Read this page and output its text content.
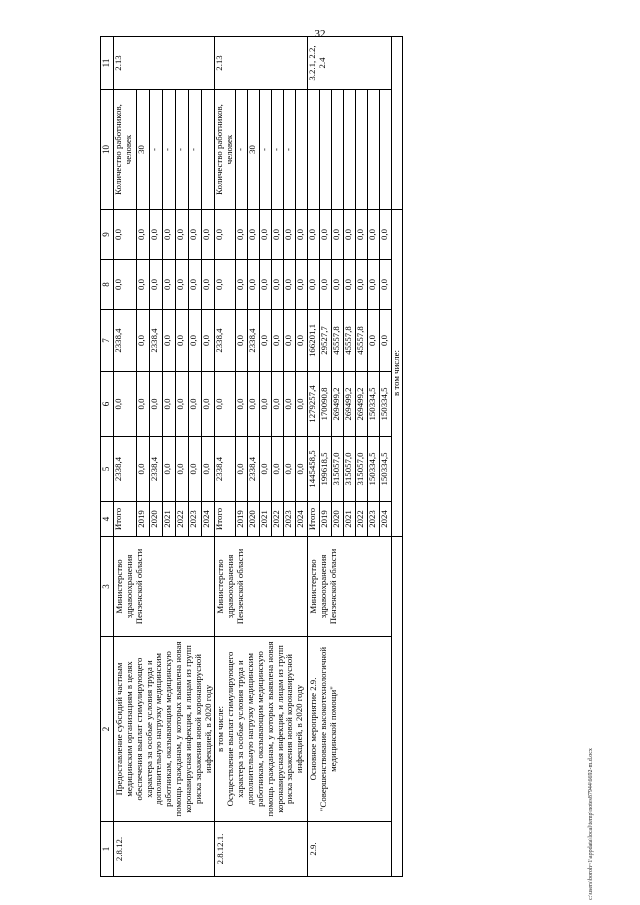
32
1	2	3	4	5	6	7	8	9	10	11
2.8.12.	Предоставление субсидий частным медицинским организациям в целях обеспечения выплат стимулирующего характера за особые условия труда и дополнительную нагрузку медицинским работникам, оказывающим медицинскую помощь гражданам, у которых выявлена новая коронавирусная инфекция, и лицам из групп риска заражения новой коронавирусной инфекцией, в 2020 году	Министерство здравоохранения Пензенской области	Итого	2338,4	0,0	2338,4	0,0	0,0	Количество работников, человек	2.13
			2019	0,0	0,0	0,0	0,0	0,0	30	
			2020	2338,4	0,0	2338,4	0,0	0,0	-	
			2021	0,0	0,0	0,0	0,0	0,0	-	
			2022	0,0	0,0	0,0	0,0	0,0	-	
			2023	0,0	0,0	0,0	0,0	0,0	-	
			2024	0,0	0,0	0,0	0,0	0,0		
2.8.12.1.	в том числе: Осуществление выплат стимулирующего характера за особые условия труда и дополнительную нагрузку медицинским работникам, оказывающим медицинскую помощь гражданам, у которых выявлена новая коронавирусная инфекция, и лицам из групп риска заражения новой коронавирусной инфекцией, в 2020 году	Министерство здравоохранения Пензенской области	Итого	2338,4	0,0	2338,4	0,0	0,0	Количество работников, человек	2.13
			2019	0,0	0,0	0,0	0,0	0,0	-	
			2020	2338,4	0,0	2338,4	0,0	0,0	30	
			2021	0,0	0,0	0,0	0,0	0,0	-	
			2022	0,0	0,0	0,0	0,0	0,0	-	
			2023	0,0	0,0	0,0	0,0	0,0	-	
			2024	0,0	0,0	0,0	0,0	0,0		
2.9.	Основное мероприятие 2.9. "Совершенствование высокотехнологичной медицинской помощи"	Министерство здравоохранения Пензенской области	Итого	1445458,5	1279257,4	166201,1	0,0	0,0		3.2.1, 2.2, 2.4
			2019	199618,5	170090,8	29527,7	0,0	0,0		
			2020	315057,0	269499,2	45557,8	0,0	0,0		
			2021	315057,0	269499,2	45557,8	0,0	0,0		
			2022	315057,0	269499,2	45557,8	0,0	0,0		
			2023	150334,5	150334,5	0,0	0,0	0,0		
			2024	150334,5	150334,5	0,0	0,0	0,0		
			в том числе:							
c:\users\boroh~1\appdata\local\temp\notes87944\6692-m.d.ocx
